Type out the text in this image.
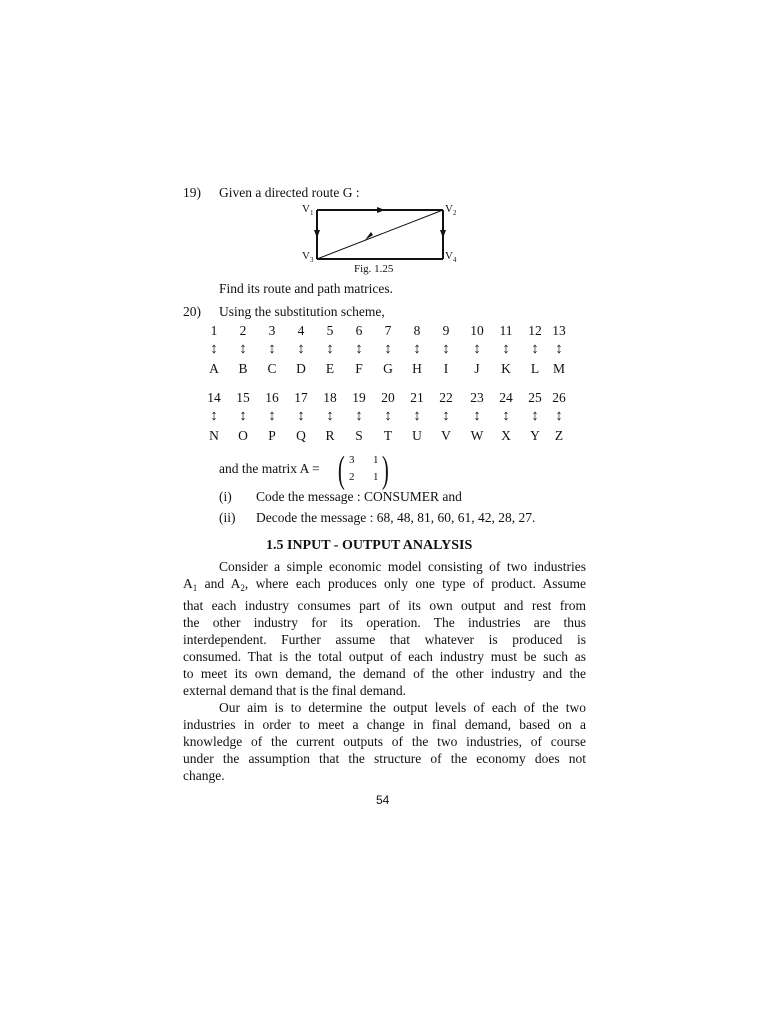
19) Given a directed route G :
$V_1$	$V_2$
$V_3$	$V_4$
Fig. 1.25
Find its route and path matrices.
20) Using the substitution scheme,
1	2	3	4	5	6	7	8	9	10	11	12 13
↕	↕	↕	↕	↕	↕	↕	↕	↕	↕	↕	↕	↕
A	B	C	D	E	F	G	H	I	J	K	L	M
14	15	16	17	18	19	20	21	22	23	24	25 26
↕	↕	↕	↕	↕	↕	↕	↕	↕	↕	↕	↕	↕
N	O	P	Q	R	S	T	U	V	W	X	Y	Z
and the matrix A = ( )
3 1
2 1
(i) Code the message : CONSUMER and
(ii) Decode the message : 68, 48, 81, 60, 61, 42, 28, 27.
1.5 INPUT - OUTPUT ANALYSIS
Consider a simple economic model consisting of two industries
$A_1$ and $A_2$, where each produces only one type of product. Assume
that each industry consumes part of its own output and rest from
the other industry for its operation. The industries are thus
interdependent. Further assume that whatever is produced is
consumed. That is the total output of each industry must be such as
to meet its own demand, the demand of the other industry and the
external demand that is the final demand.
Our aim is to determine the output levels of each of the two
industries in order to meet a change in final demand, based on a
knowledge of the current outputs of the two industries, of course
under the assumption that the structure of the economy does not
change.
54
